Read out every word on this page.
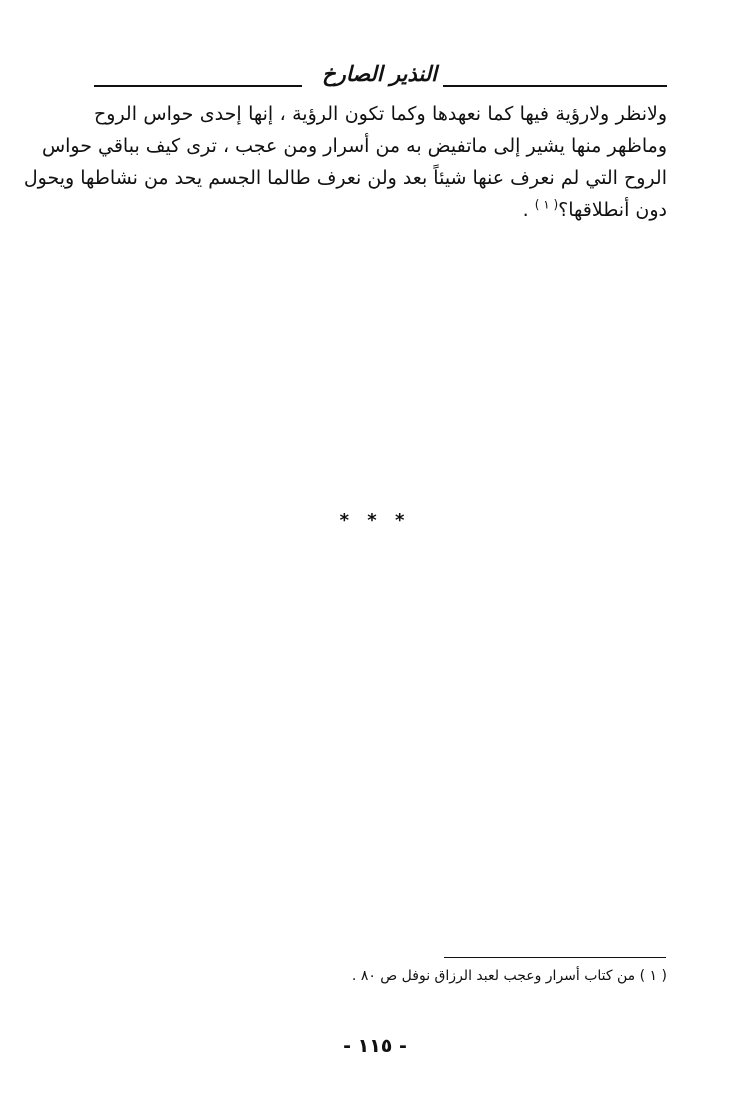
النذير الصارخ
ولانظر ولارؤية فيها كما نعهدها وكما تكون الرؤية ، إنها إحدى حواس الروح
وماظهر منها يشير إلى ماتفيض به من أسرار ومن عجب ، ترى كيف بباقي حواس
الروح التي لم نعرف عنها شيئاً بعد ولن نعرف طالما الجسم يحد من نشاطها ويحول
دون أنطلاقها؟$^{( ١ )}$ .
* * *
( ١ ) من كتاب أسرار وعجب لعبد الرزاق نوفل ص ٨٠ .
- ١١٥ -
